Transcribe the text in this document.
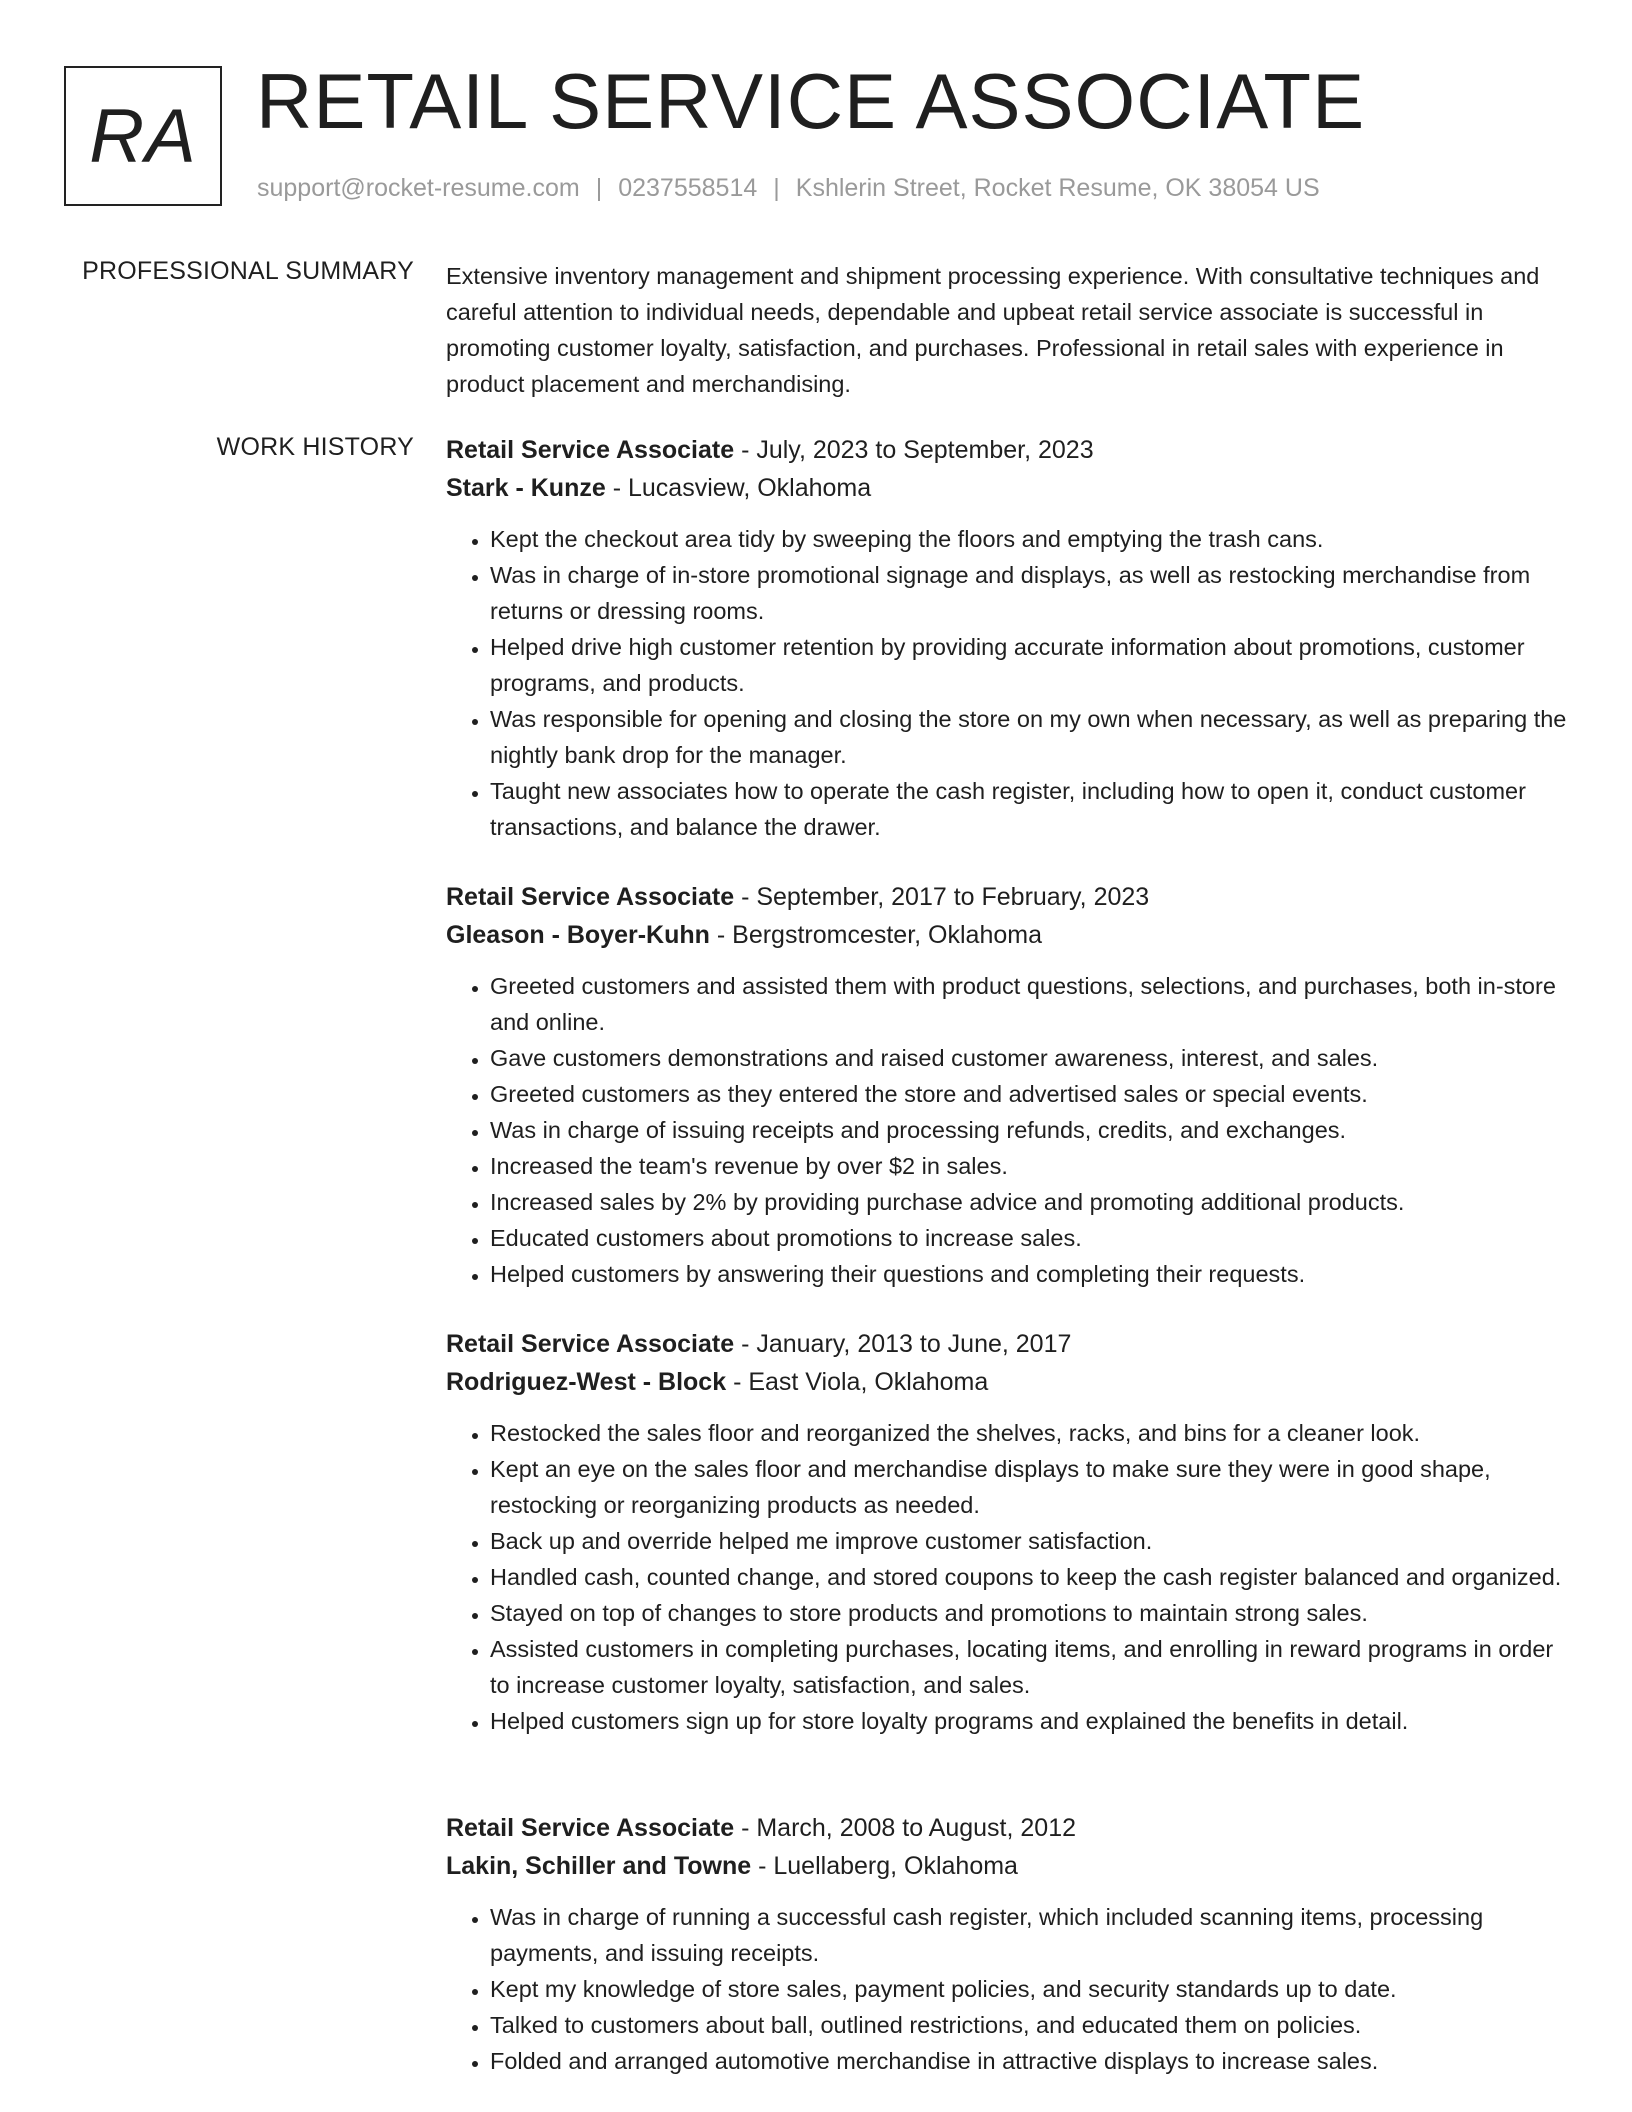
RA RETAIL SERVICE ASSOCIATE
support@rocket-resume.com | 0237558514 | Kshlerin Street, Rocket Resume, OK 38054 US
PROFESSIONAL SUMMARY Extensive inventory management and shipment processing experience. With consultative techniques and careful attention to individual needs, dependable and upbeat retail service associate is successful in promoting customer loyalty, satisfaction, and purchases. Professional in retail sales with experience in product placement and merchandising.

WORK HISTORY Retail Service Associate - July, 2023 to September, 2023
Stark - Kunze - Lucasview, Oklahoma
• Kept the checkout area tidy by sweeping the floors and emptying the trash cans.
• Was in charge of in-store promotional signage and displays, as well as restocking merchandise from returns or dressing rooms.
• Helped drive high customer retention by providing accurate information about promotions, customer programs, and products.
• Was responsible for opening and closing the store on my own when necessary, as well as preparing the nightly bank drop for the manager.
• Taught new associates how to operate the cash register, including how to open it, conduct customer transactions, and balance the drawer.
Retail Service Associate - September, 2017 to February, 2023
Gleason - Boyer-Kuhn - Bergstromcester, Oklahoma
• Greeted customers and assisted them with product questions, selections, and purchases, both in-store and online.
• Gave customers demonstrations and raised customer awareness, interest, and sales.
• Greeted customers as they entered the store and advertised sales or special events.
• Was in charge of issuing receipts and processing refunds, credits, and exchanges.
• Increased the team's revenue by over $2 in sales.
• Increased sales by 2% by providing purchase advice and promoting additional products.
• Educated customers about promotions to increase sales.
• Helped customers by answering their questions and completing their requests.
Retail Service Associate - January, 2013 to June, 2017
Rodriguez-West - Block - East Viola, Oklahoma
• Restocked the sales floor and reorganized the shelves, racks, and bins for a cleaner look.
• Kept an eye on the sales floor and merchandise displays to make sure they were in good shape, restocking or reorganizing products as needed.
• Back up and override helped me improve customer satisfaction.
• Handled cash, counted change, and stored coupons to keep the cash register balanced and organized.
• Stayed on top of changes to store products and promotions to maintain strong sales.
• Assisted customers in completing purchases, locating items, and enrolling in reward programs in order to increase customer loyalty, satisfaction, and sales.
• Helped customers sign up for store loyalty programs and explained the benefits in detail.
Retail Service Associate - March, 2008 to August, 2012
Lakin, Schiller and Towne - Luellaberg, Oklahoma
• Was in charge of running a successful cash register, which included scanning items, processing payments, and issuing receipts.
• Kept my knowledge of store sales, payment policies, and security standards up to date.
• Talked to customers about ball, outlined restrictions, and educated them on policies.
• Folded and arranged automotive merchandise in attractive displays to increase sales.
